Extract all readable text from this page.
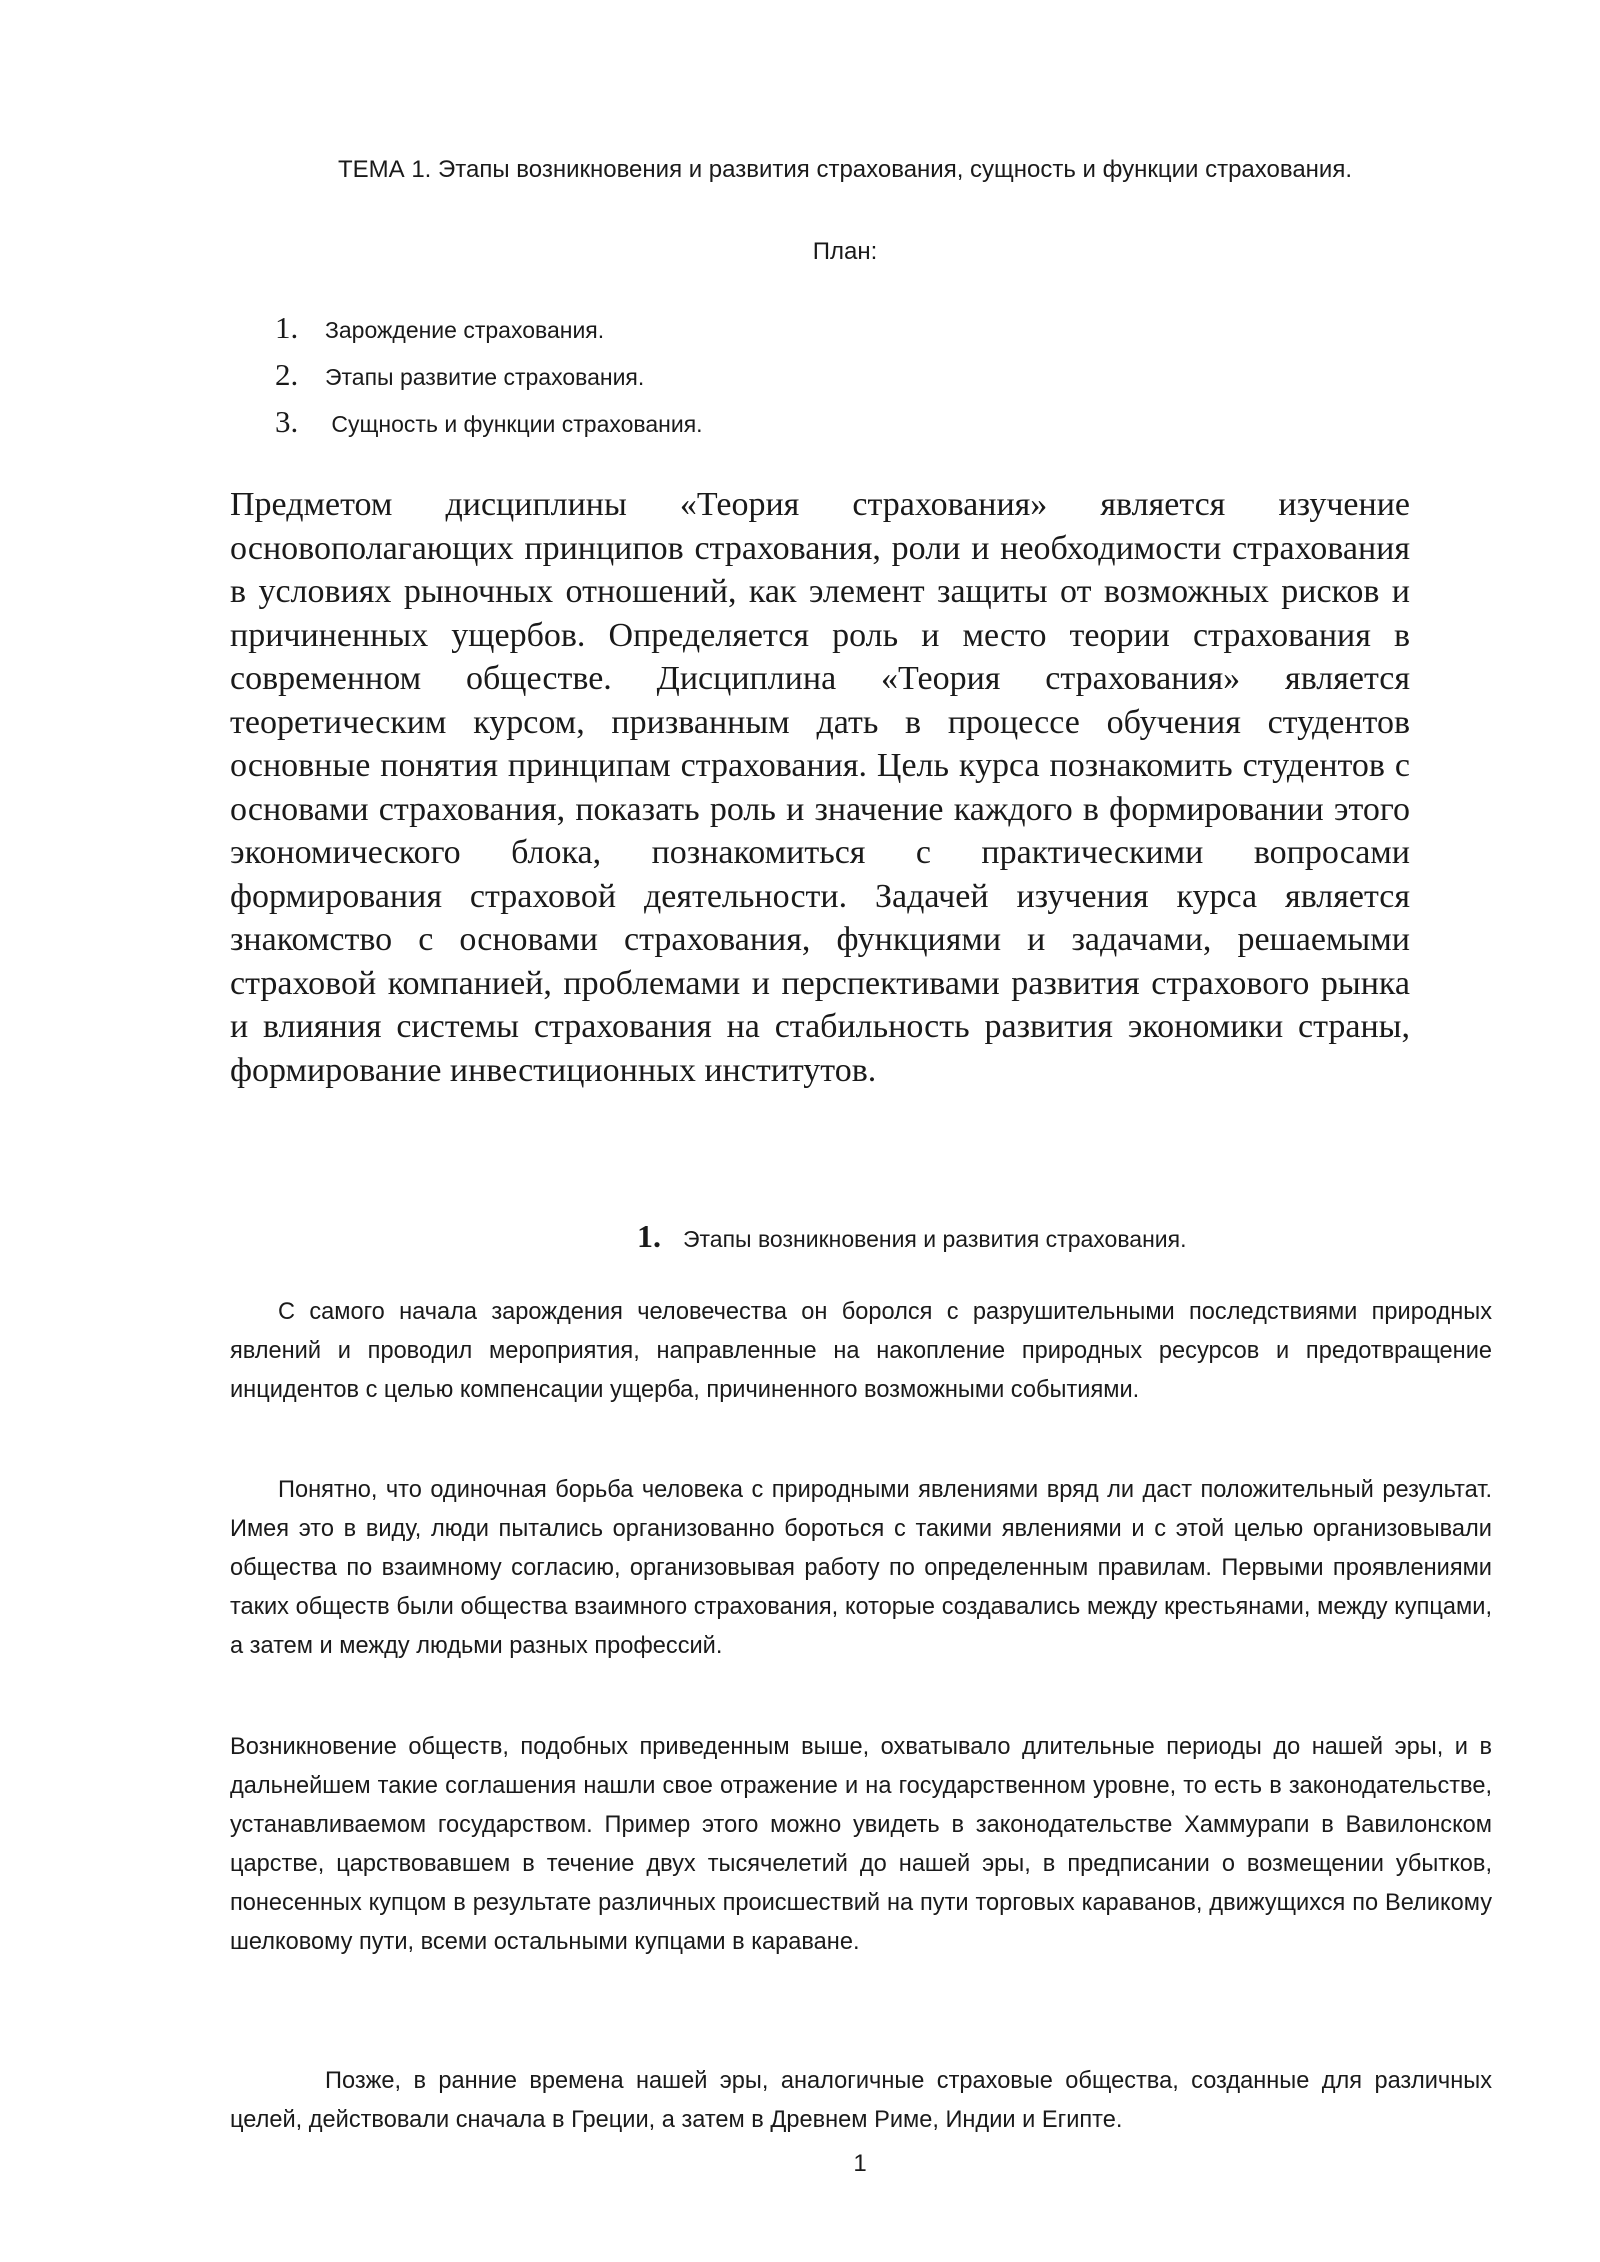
ТЕМА 1. Этапы возникновения и развития страхования, сущность и функции страхования.
План:
1.	Зарождение страхования.
2.	Этапы развитие страхования.
3.	Сущность и функции страхования.

Предметом дисциплины «Теория страхования» является изучение основополагающих принципов страхования, роли и необходимости страхования в условиях рыночных отношений, как элемент защиты от возможных рисков и причиненных ущербов. Определяется роль и место теории страхования в современном обществе. Дисциплина «Теория страхования» является теоретическим курсом, призванным дать в процессе обучения студентов основные понятия принципам страхования. Цель курса познакомить студентов с основами страхования, показать роль и значение каждого в формировании этого экономического блока, познакомиться с практическими вопросами формирования страховой деятельности. Задачей изучения курса является знакомство с основами страхования, функциями и задачами, решаемыми страховой компанией, проблемами и перспективами развития страхового рынка и влияния системы страхования на стабильность развития экономики страны, формирование инвестиционных институтов.

1. Этапы возникновения и развития страхования.

С самого начала зарождения человечества он боролся с разрушительными последствиями природных явлений и проводил мероприятия, направленные на накопление природных ресурсов и предотвращение инцидентов с целью компенсации ущерба, причиненного возможными событиями.

Понятно, что одиночная борьба человека с природными явлениями вряд ли даст положительный результат. Имея это в виду, люди пытались организованно бороться с такими явлениями и с этой целью организовывали общества по взаимному согласию, организовывая работу по определенным правилам. Первыми проявлениями таких обществ были общества взаимного страхования, которые создавались между крестьянами, между купцами, а затем и между людьми разных профессий.

Возникновение обществ, подобных приведенным выше, охватывало длительные периоды до нашей эры, и в дальнейшем такие соглашения нашли свое отражение и на государственном уровне, то есть в законодательстве, устанавливаемом государством. Пример этого можно увидеть в законодательстве Хаммурапи в Вавилонском царстве, царствовавшем в течение двух тысячелетий до нашей эры, в предписании о возмещении убытков, понесенных купцом в результате различных происшествий на пути торговых караванов, движущихся по Великому шелковому пути, всеми остальными купцами в караване.

Позже, в ранние времена нашей эры, аналогичные страховые общества, созданные для различных целей, действовали сначала в Греции, а затем в Древнем Риме, Индии и Египте.

1
